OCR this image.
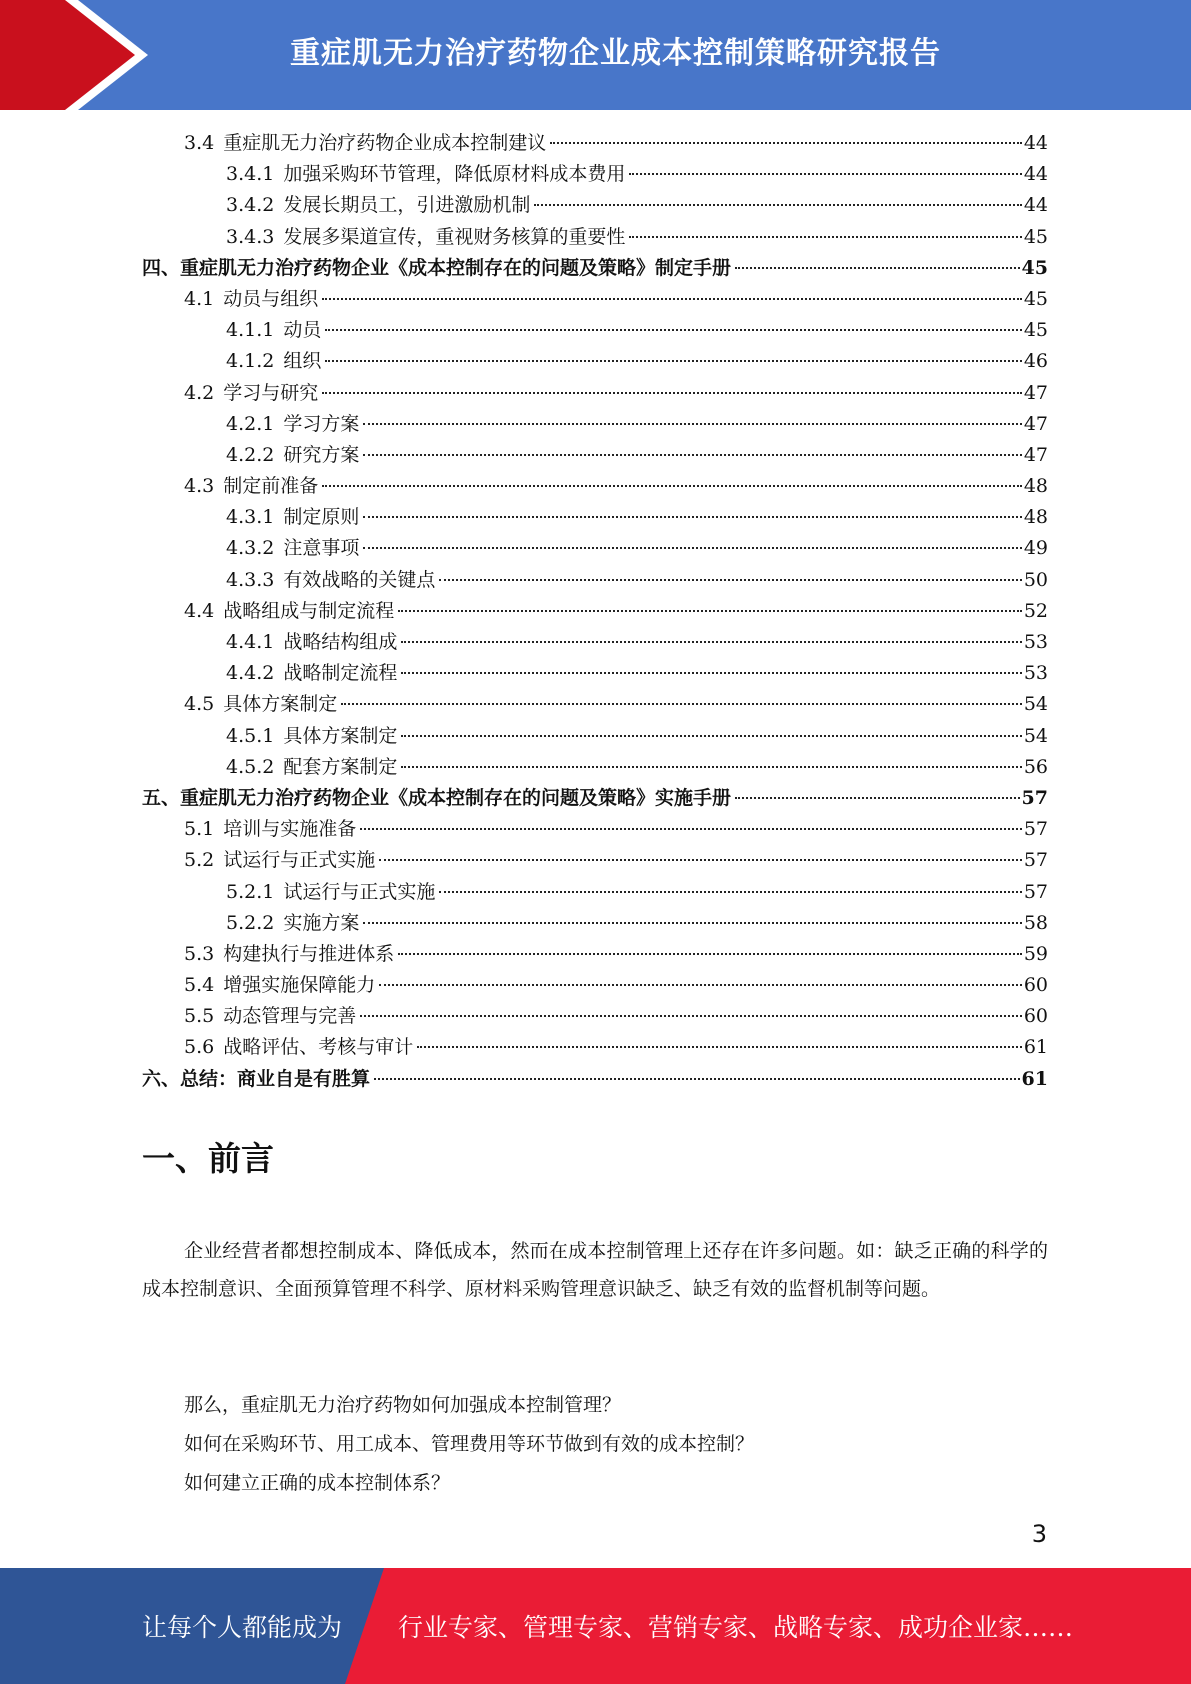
重症肌无力治疗药物企业成本控制策略研究报告
3.4 重症肌无力治疗药物企业成本控制建议	44
3.4.1 加强采购环节管理，降低原材料成本费用	44
3.4.2 发展长期员工，引进激励机制	44
3.4.3 发展多渠道宣传，重视财务核算的重要性	45
四、重症肌无力治疗药物企业《成本控制存在的问题及策略》制定手册	45
4.1 动员与组织	45
4.1.1 动员	45
4.1.2 组织	46
4.2 学习与研究	47
4.2.1 学习方案	47
4.2.2 研究方案	47
4.3 制定前准备	48
4.3.1 制定原则	48
4.3.2 注意事项	49
4.3.3 有效战略的关键点	50
4.4 战略组成与制定流程	52
4.4.1 战略结构组成	53
4.4.2 战略制定流程	53
4.5 具体方案制定	54
4.5.1 具体方案制定	54
4.5.2 配套方案制定	56
五、重症肌无力治疗药物企业《成本控制存在的问题及策略》实施手册	57
5.1 培训与实施准备	57
5.2 试运行与正式实施	57
5.2.1 试运行与正式实施	57
5.2.2 实施方案	58
5.3 构建执行与推进体系	59
5.4 增强实施保障能力	60
5.5 动态管理与完善	60
5.6 战略评估、考核与审计	61
六、总结：商业自是有胜算	61
一、前言

企业经营者都想控制成本、降低成本，然而在成本控制管理上还存在许多问题。如：缺乏正确的科学的成本控制意识、全面预算管理不科学、原材料采购管理意识缺乏、缺乏有效的监督机制等问题。

那么，重症肌无力治疗药物如何加强成本控制管理？

如何在采购环节、用工成本、管理费用等环节做到有效的成本控制？

如何建立正确的成本控制体系？

3
让每个人都能成为 行业专家、管理专家、营销专家、战略专家、成功企业家……
